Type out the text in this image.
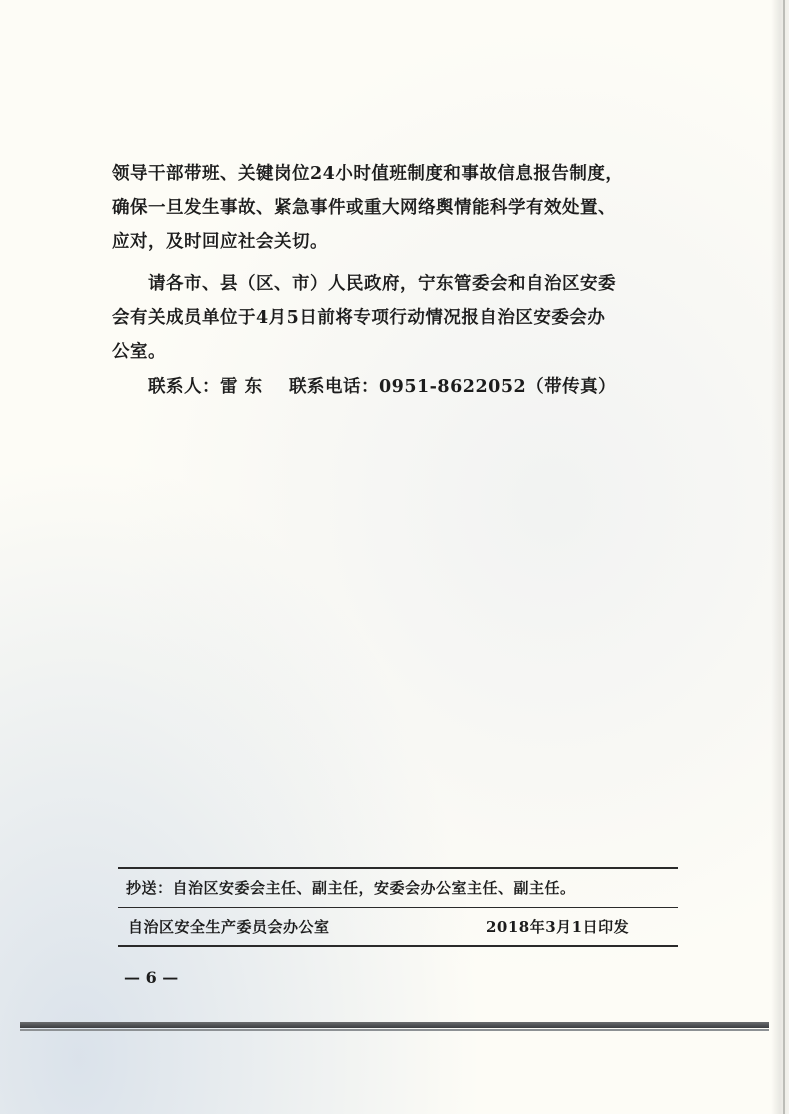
领导干部带班、关键岗位24小时值班制度和事故信息报告制度，
确保一旦发生事故、紧急事件或重大网络舆情能科学有效处置、
应对，及时回应社会关切。
请各市、县（区、市）人民政府，宁东管委会和自治区安委
会有关成员单位于4月5日前将专项行动情况报自治区安委会办
公室。
联系人：雷 东    联系电话：0951-8622052（带传真）
抄送：自治区安委会主任、副主任，安委会办公室主任、副主任。
自治区安全生产委员会办公室	2018年3月1日印发
— 6 —
